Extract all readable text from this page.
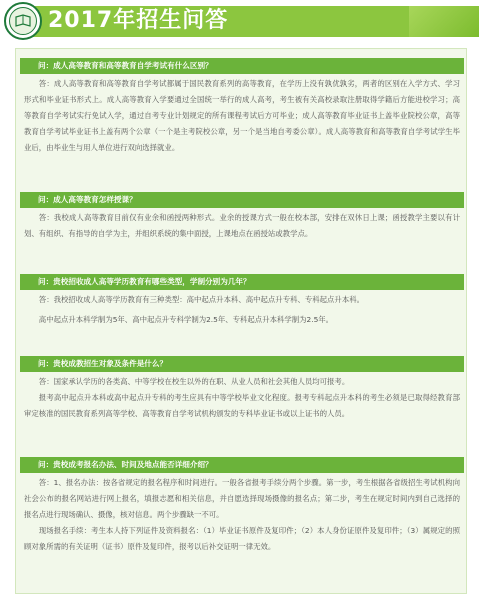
2017年招生问答
问：成人高等教育和高等教育自学考试有什么区别？

答：成人高等教育和高等教育自学考试都属于国民教育系列的高等教育，在学历上没有孰优孰劣，两者的区别在入学方式、学习形式和毕业证书形式上。成人高等教育入学要通过全国统一举行的成人高考，考生被有关高校录取注册取得学籍后方能进校学习；高等教育自学考试实行免试入学，通过自考专业计划规定的所有课程考试后方可毕业；成人高等教育毕业证书上盖毕业院校公章，高等教育自学考试毕业证书上盖有两个公章（一个是主考院校公章，另一个是当地自考委公章）。成人高等教育和高等教育自学考试学生毕业后，由毕业生与用人单位进行双向选择就业。

问：成人高等教育怎样授课？

答：我校成人高等教育目前仅有业余和函授两种形式。业余的授课方式一般在校本部，安排在双休日上课；函授教学主要以有计划、有组织、有指导的自学为主，并组织系统的集中面授，上课地点在函授站或教学点。

问：贵校招收成人高等学历教育有哪些类型，学制分别为几年？

答：我校招收成人高等学历教育有三种类型：高中起点升本科、高中起点升专科、专科起点升本科。

高中起点升本科学制为5年、高中起点升专科学制为2.5年、专科起点升本科学制为2.5年。

问：贵校成教招生对象及条件是什么？

答：国家承认学历的各类高、中等学校在校生以外的在职、从业人员和社会其他人员均可报考。

报考高中起点升本科或高中起点升专科的考生应具有中等学校毕业文化程度。报考专科起点升本科的考生必须是已取得经教育部审定核准的国民教育系列高等学校、高等教育自学考试机构颁发的专科毕业证书或以上证书的人员。

问：贵校成考报名办法、时间及地点能否详细介绍？

答：1、报名办法：按各省规定的报名程序和时间进行。一般各省报考手续分两个步骤。第一步，考生根据各省级招生考试机构向社会公布的报名网站进行网上报名，填报志愿和相关信息，并自愿选择现场摄像的报名点；第二步，考生在规定时间内到自己选择的报名点进行现场确认、摄像，核对信息。两个步骤缺一不可。

现场报名手续：考生本人持下列证件及资料报名：（1）毕业证书原件及复印件；（2）本人身份证原件及复印件；（3）属规定的照顾对象所需的有关证明（证书）原件及复印件，报考以后补交证明一律无效。
